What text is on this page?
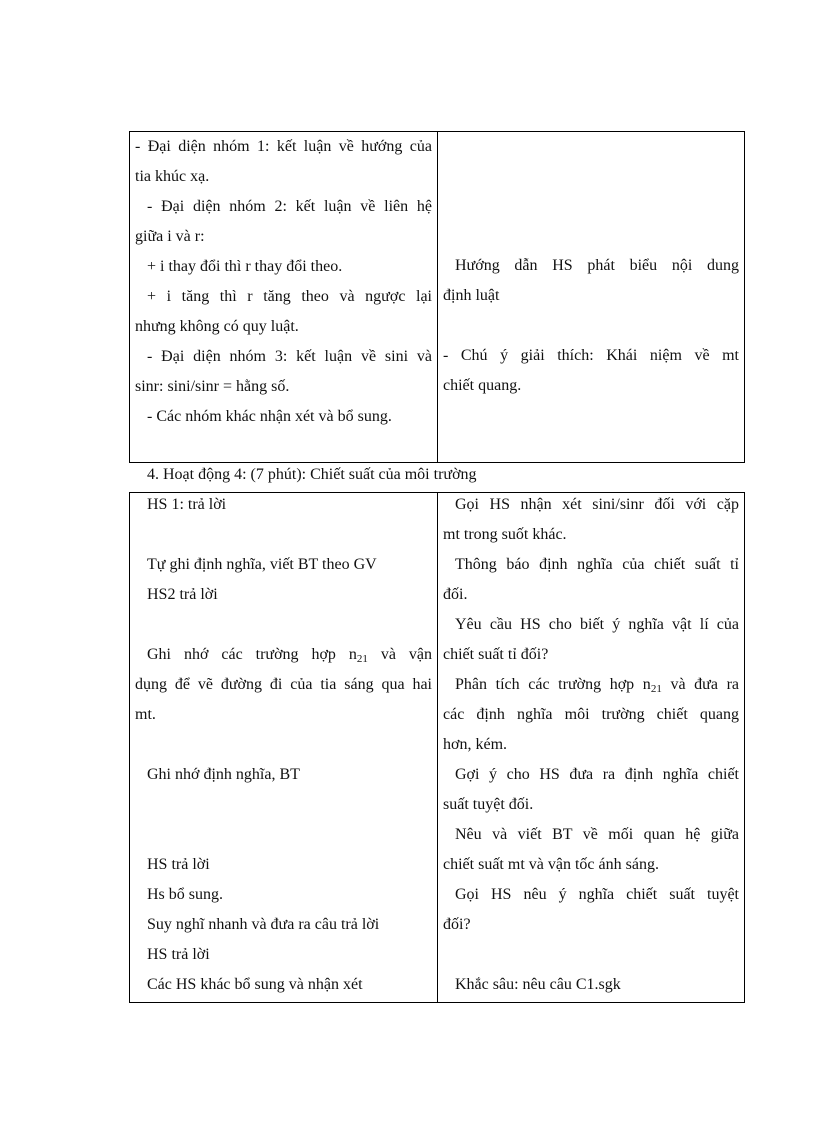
- Đại diện nhóm 1: kết luận về hướng của

tia khúc xạ.

- Đại diện nhóm 2: kết luận về liên hệ

giữa i và r:

+ i thay đổi thì r thay đổi theo.

+ i tăng thì r tăng theo và ngược lại

nhưng không có quy luật.

- Đại diện nhóm 3: kết luận về sini và

sinr: sini/sinr = hằng số.

- Các nhóm khác nhận xét và bổ sung.

Hướng dẫn HS phát biểu nội dung

định luật

- Chú ý giải thích: Khái niệm về mt

chiết quang.

4. Hoạt động 4: (7 phút): Chiết suất của môi trường

HS 1: trả lời

Tự ghi định nghĩa, viết BT theo GV

HS2 trả lời

Ghi nhớ các trường hợp $n_{21}$ và vận

dụng để vẽ đường đi của tia sáng qua hai

mt.

Ghi nhớ định nghĩa, BT

HS trả lời

Hs bổ sung.

Suy nghĩ nhanh và đưa ra câu trả lời

HS trả lời

Các HS khác bổ sung và nhận xét

Gọi HS nhận xét sini/sinr đối với cặp

mt trong suốt khác.

Thông báo định nghĩa của chiết suất tỉ

đối.

Yêu cầu HS cho biết ý nghĩa vật lí của

chiết suất tỉ đối?

Phân tích các trường hợp $n_{21}$ và đưa ra

các định nghĩa môi trường chiết quang

hơn, kém.

Gợi ý cho HS đưa ra định nghĩa chiết

suất tuyệt đối.

Nêu và viết BT về mối quan hệ giữa

chiết suất mt và vận tốc ánh sáng.

Gọi HS nêu ý nghĩa chiết suất tuyệt

đối?

Khắc sâu: nêu câu C1.sgk
